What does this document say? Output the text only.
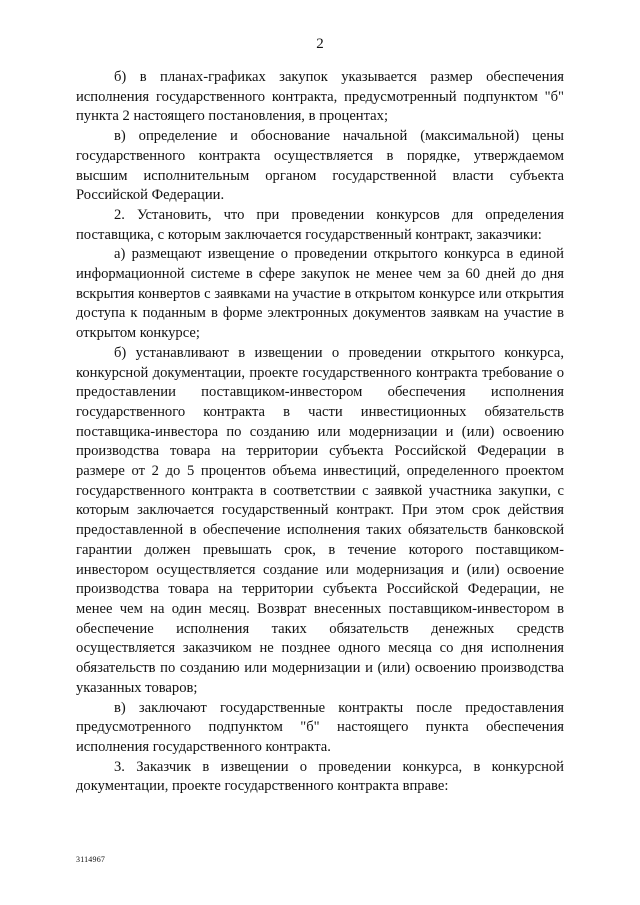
2

б) в планах-графиках закупок указывается размер обеспечения исполнения государственного контракта, предусмотренный подпунктом "б" пункта 2 настоящего постановления, в процентах;

в) определение и обоснование начальной (максимальной) цены государственного контракта осуществляется в порядке, утверждаемом высшим исполнительным органом государственной власти субъекта Российской Федерации.

2. Установить, что при проведении конкурсов для определения поставщика, с которым заключается государственный контракт, заказчики:

а) размещают извещение о проведении открытого конкурса в единой информационной системе в сфере закупок не менее чем за 60 дней до дня вскрытия конвертов с заявками на участие в открытом конкурсе или открытия доступа к поданным в форме электронных документов заявкам на участие в открытом конкурсе;

б) устанавливают в извещении о проведении открытого конкурса, конкурсной документации, проекте государственного контракта требование о предоставлении поставщиком-инвестором обеспечения исполнения государственного контракта в части инвестиционных обязательств поставщика-инвестора по созданию или модернизации и (или) освоению производства товара на территории субъекта Российской Федерации в размере от 2 до 5 процентов объема инвестиций, определенного проектом государственного контракта в соответствии с заявкой участника закупки, с которым заключается государственный контракт. При этом срок действия предоставленной в обеспечение исполнения таких обязательств банковской гарантии должен превышать срок, в течение которого поставщиком-инвестором осуществляется создание или модернизация и (или) освоение производства товара на территории субъекта Российской Федерации, не менее чем на один месяц. Возврат внесенных поставщиком-инвестором в обеспечение исполнения таких обязательств денежных средств осуществляется заказчиком не позднее одного месяца со дня исполнения обязательств по созданию или модернизации и (или) освоению производства указанных товаров;

в) заключают государственные контракты после предоставления предусмотренного подпунктом "б" настоящего пункта обеспечения исполнения государственного контракта.

3. Заказчик в извещении о проведении конкурса, в конкурсной документации, проекте государственного контракта вправе:

3114967
